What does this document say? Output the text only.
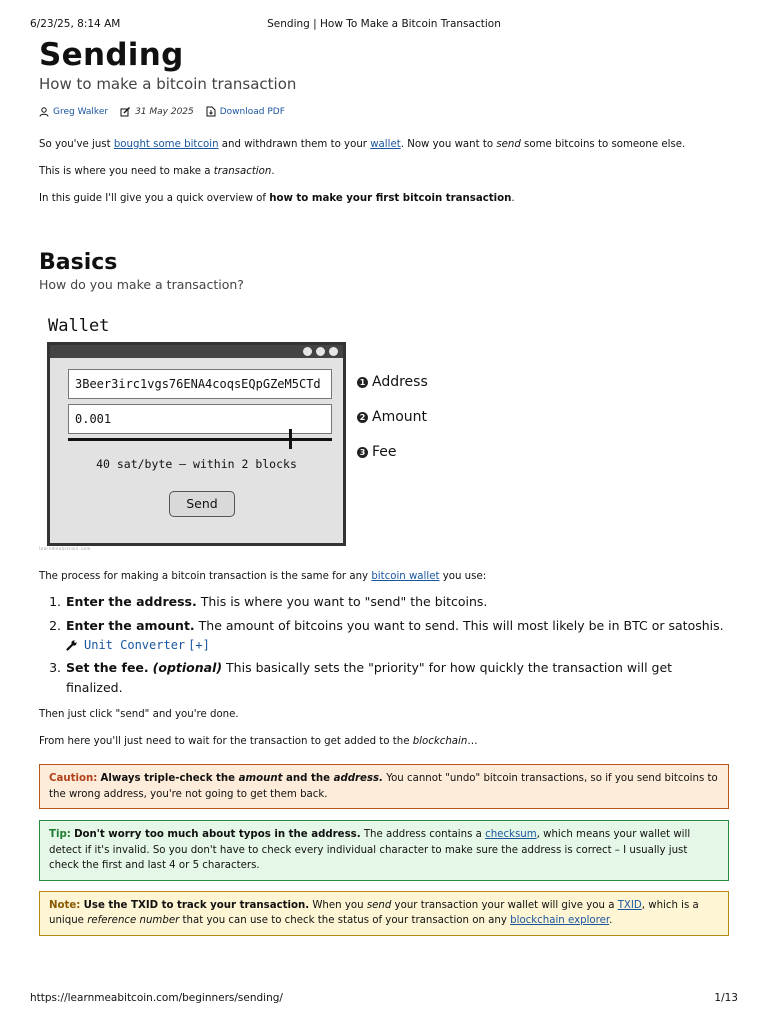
6/23/25, 8:14 AM	Sending | How To Make a Bitcoin Transaction
Sending
How to make a bitcoin transaction
Greg Walker	31 May 2025	Download PDF

So you've just bought some bitcoin and withdrawn them to your wallet. Now you want to send some bitcoins to someone else.

This is where you need to make a transaction.

In this guide I'll give you a quick overview of how to make your first bitcoin transaction.

Basics
How do you make a transaction?
Wallet
3Beer3irc1vgs76ENA4coqsEQpGZeM5CTd
0.001
40 sat/byte — within 2 blocks
Send
1 Address
2 Amount
3 Fee
learnmeabitcoin.com

The process for making a bitcoin transaction is the same for any bitcoin wallet you use:

1. Enter the address. This is where you want to "send" the bitcoins.
2. Enter the amount. The amount of bitcoins you want to send. This will most likely be in BTC or satoshis.
Unit Converter [+]
3. Set the fee. (optional) This basically sets the "priority" for how quickly the transaction will get finalized.

Then just click "send" and you're done.

From here you'll just need to wait for the transaction to get added to the blockchain…

Caution: Always triple-check the amount and the address. You cannot "undo" bitcoin transactions, so if you send bitcoins to the wrong address, you're not going to get them back.
Tip: Don't worry too much about typos in the address. The address contains a checksum, which means your wallet will detect if it's invalid. So you don't have to check every individual character to make sure the address is correct – I usually just check the first and last 4 or 5 characters.
Note: Use the TXID to track your transaction. When you send your transaction your wallet will give you a TXID, which is a unique reference number that you can use to check the status of your transaction on any blockchain explorer.
https://learnmeabitcoin.com/beginners/sending/	1/13
